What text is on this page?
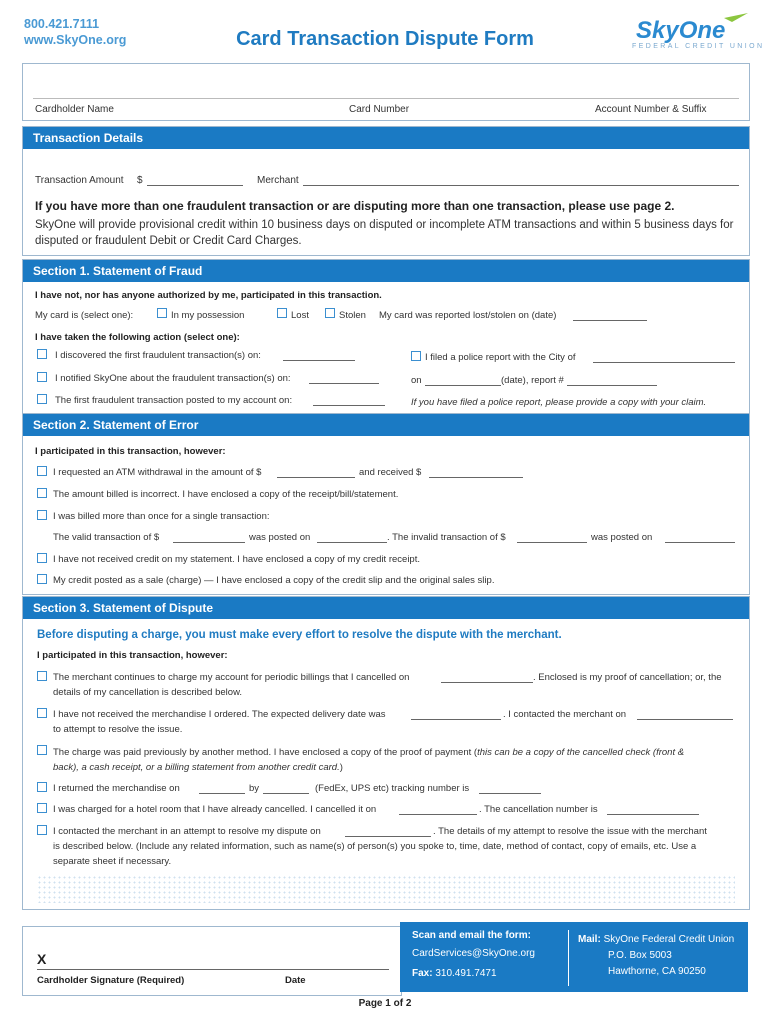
800.421.7111
www.SkyOne.org	Card Transaction Dispute Form	SkyOne
FEDERAL CREDIT UNION
Cardholder Name	Card Number	Account Number & Suffix
Transaction Details
Transaction Amount $	Merchant
If you have more than one fraudulent transaction or are disputing more than one transaction, please use page 2.
SkyOne will provide provisional credit within 10 business days on disputed or incomplete ATM transactions and within 5 business days for disputed or fraudulent Debit or Credit Card Charges.
Section 1. Statement of Fraud
I have not, nor has anyone authorized by me, participated in this transaction.
My card is (select one):	In my possession	Lost	Stolen My card was reported lost/stolen on (date)
I have taken the following action (select one):
I discovered the first fraudulent transaction(s) on:
I notified SkyOne about the fraudulent transaction(s) on:
The first fraudulent transaction posted to my account on:
I filed a police report with the City of
on	(date), report #
If you have filed a police report, please provide a copy with your claim.
Section 2. Statement of Error
I participated in this transaction, however:
I requested an ATM withdrawal in the amount of $	and received $
The amount billed is incorrect. I have enclosed a copy of the receipt/bill/statement.
I was billed more than once for a single transaction:
The valid transaction of $	was posted on	. The invalid transaction of $	was posted on
I have not received credit on my statement. I have enclosed a copy of my credit receipt.
My credit posted as a sale (charge) — I have enclosed a copy of the credit slip and the original sales slip.
Section 3. Statement of Dispute
Before disputing a charge, you must make every effort to resolve the dispute with the merchant.
I participated in this transaction, however:
The merchant continues to charge my account for periodic billings that I cancelled on	. Enclosed is my proof of cancellation; or, the
details of my cancellation is described below.
I have not received the merchandise I ordered. The expected delivery date was	. I contacted the merchant on
to attempt to resolve the issue.
The charge was paid previously by another method. I have enclosed a copy of the proof of payment (this can be a copy of the cancelled check (front &
back), a cash receipt, or a billing statement from another credit card.)
I returned the merchandise on	by	(FedEx, UPS etc) tracking number is
I was charged for a hotel room that I have already cancelled. I cancelled it on	. The cancellation number is
I contacted the merchant in an attempt to resolve my dispute on	. The details of my attempt to resolve the issue with the merchant
is described below. (Include any related information, such as name(s) of person(s) you spoke to, time, date, method of contact, copy of emails, etc. Use a
separate sheet if necessary.
X
Cardholder Signature (Required)	Date
Scan and email the form:
CardServices@SkyOne.org
Fax: 310.491.7471
Mail: SkyOne Federal Credit Union
P.O. Box 5003
Hawthorne, CA 90250
Page 1 of 2
